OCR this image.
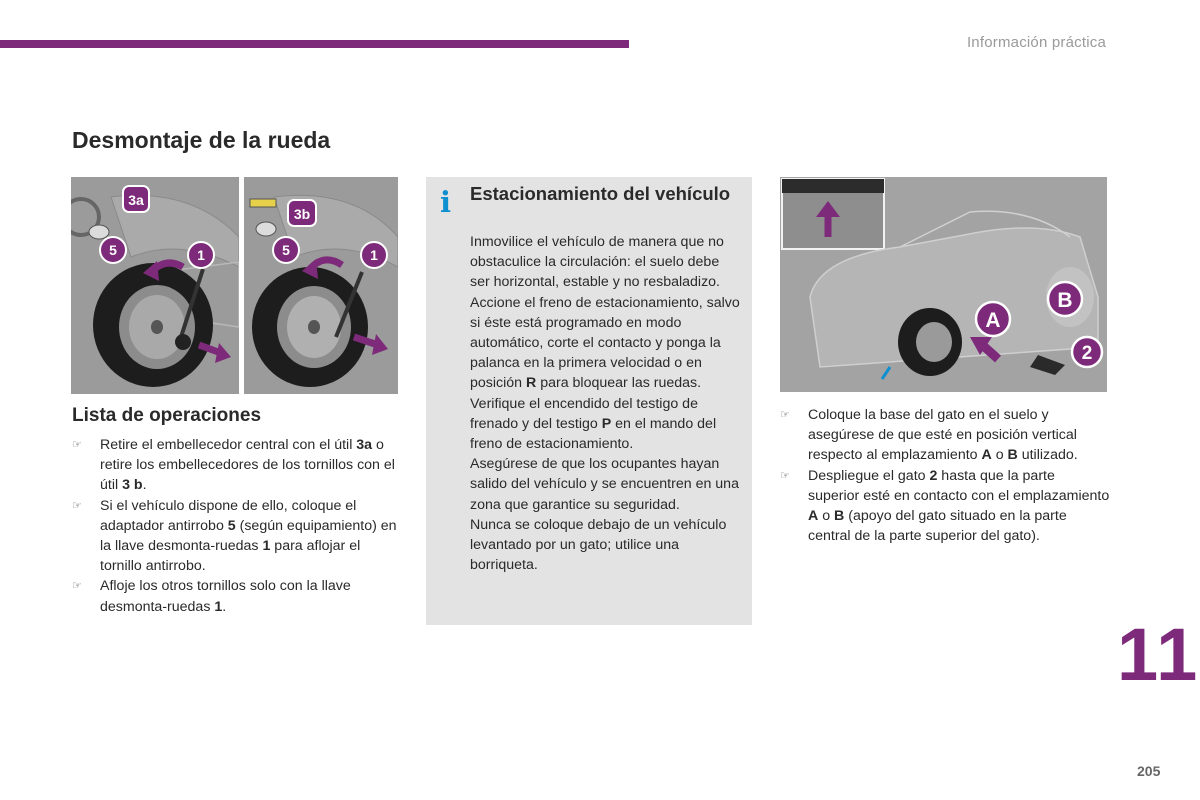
Información práctica
Desmontaje de la rueda
3a
5	1
3b
5	1
Lista de operaciones
☞	Retire el embellecedor central con el útil 3a o retire los embellecedores de los tornillos con el útil 3 b.
☞	Si el vehículo dispone de ello, coloque el adaptador antirrobo 5 (según equipamiento) en la llave desmonta-ruedas 1 para aflojar el tornillo antirrobo.
☞	Afloje los otros tornillos solo con la llave desmonta-ruedas 1.
i Estacionamiento del vehículo

Inmovilice el vehículo de manera que no obstaculice la circulación: el suelo debe ser horizontal, estable y no resbaladizo.

Accione el freno de estacionamiento, salvo si éste está programado en modo automático, corte el contacto y ponga la palanca en la primera velocidad o en posición R para bloquear las ruedas.

Verifique el encendido del testigo de frenado y del testigo P en el mando del freno de estacionamiento.

Asegúrese de que los ocupantes hayan salido del vehículo y se encuentren en una zona que garantice su seguridad.

Nunca se coloque debajo de un vehículo levantado por un gato; utilice una borriqueta.

A
B
2
☞	Coloque la base del gato en el suelo y asegúrese de que esté en posición vertical respecto al emplazamiento A o B utilizado.
☞	Despliegue el gato 2 hasta que la parte superior esté en contacto con el emplazamiento A o B (apoyo del gato situado en la parte central de la parte superior del gato).
11
205
